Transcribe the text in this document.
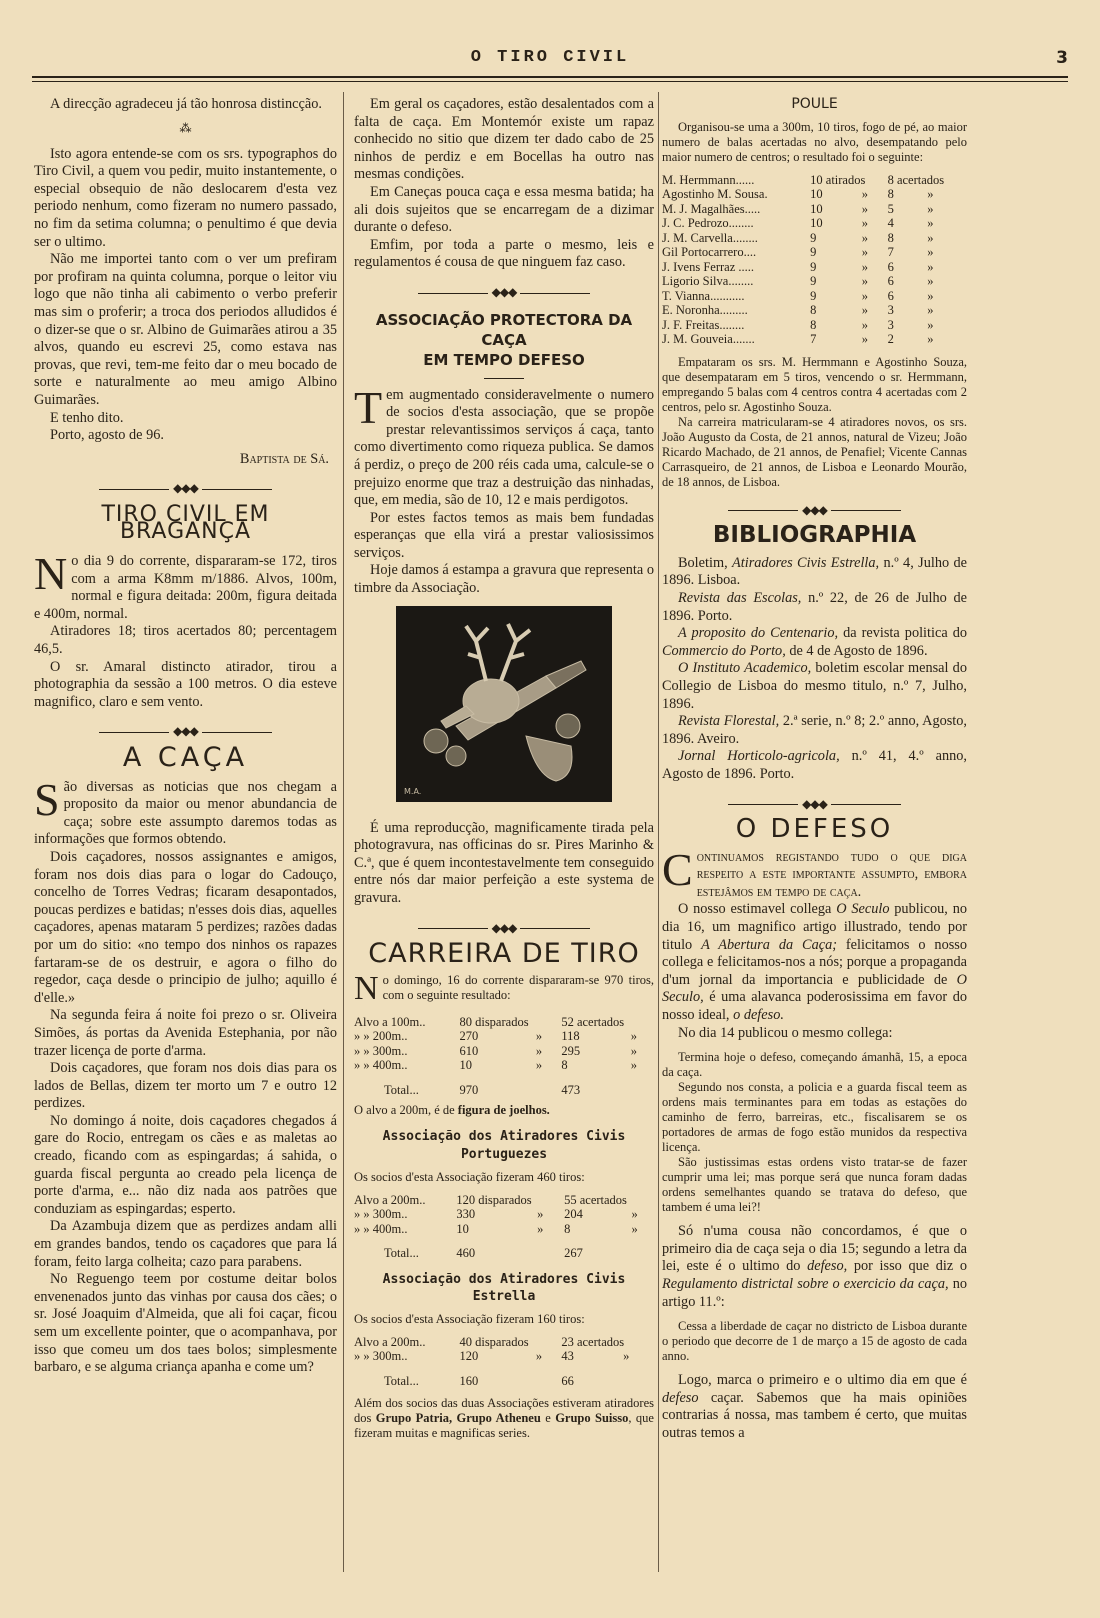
O TIRO CIVIL	3

A direcção agradeceu já tão honrosa distincção.

⁂

Isto agora entende-se com os srs. typographos do Tiro Civil, a quem vou pedir, muito instantemente, o especial obsequio de não deslocarem d'esta vez periodo nenhum, como fizeram no numero passado, no fim da setima columna; o penultimo é que devia ser o ultimo.

Não me importei tanto com o ver um prefiram por profiram na quinta columna, porque o leitor viu logo que não tinha ali cabimento o verbo preferir mas sim o proferir; a troca dos periodos alludidos é o dizer-se que o sr. Albino de Guimarães atirou a 35 alvos, quando eu escrevi 25, como estava nas provas, que revi, tem-me feito dar o meu bocado de sorte e naturalmente ao meu amigo Albino Guimarães.

E tenho dito.

Porto, agosto de 96.

Baptista de Sá.
◆◆◆
TIRO CIVIL EM BRAGANÇA

No dia 9 do corrente, dispararam-se 172, tiros com a arma K8mm m/1886. Alvos, 100m, normal e figura deitada: 200m, figura deitada e 400m, normal.

Atiradores 18; tiros acertados 80; percentagem 46,5.

O sr. Amaral distincto atirador, tirou a photographia da sessão a 100 metros. O dia esteve magnifico, claro e sem vento.

◆◆◆
A CAÇA

São diversas as noticias que nos chegam a proposito da maior ou menor abundancia de caça; sobre este assumpto daremos todas as informações que formos obtendo.

Dois caçadores, nossos assignantes e amigos, foram nos dois dias para o logar do Cadouço, concelho de Torres Vedras; ficaram desapontados, poucas perdizes e batidas; n'esses dois dias, aquelles caçadores, apenas mataram 5 perdizes; razões dadas por um do sitio: «no tempo dos ninhos os rapazes fartaram-se de os destruir, e agora o filho do regedor, caça desde o principio de julho; aquillo é d'elle.»

Na segunda feira á noite foi prezo o sr. Oliveira Simões, ás portas da Avenida Estephania, por não trazer licença de porte d'arma.

Dois caçadores, que foram nos dois dias para os lados de Bellas, dizem ter morto um 7 e outro 12 perdizes.

No domingo á noite, dois caçadores chegados á gare do Rocio, entregam os cães e as maletas ao creado, ficando com as espingardas; á sahida, o guarda fiscal pergunta ao creado pela licença de porte d'arma, e... não diz nada aos patrões que conduziam as espingardas; esperto.

Da Azambuja dizem que as perdizes andam alli em grandes bandos, tendo os caçadores que para lá foram, feito larga colheita; cazo para parabens.

No Reguengo teem por costume deitar bolos envenenados junto das vinhas por causa dos cães; o sr. José Joaquim d'Almeida, que ali foi caçar, ficou sem um excellente pointer, que o acompanhava, por isso que comeu um dos taes bolos; simplesmente barbaro, e se alguma criança apanha e come um?

Em geral os caçadores, estão desalentados com a falta de caça. Em Montemór existe um rapaz conhecido no sitio que dizem ter dado cabo de 25 ninhos de perdiz e em Bocellas ha outro nas mesmas condições.

Em Caneças pouca caça e essa mesma batida; ha ali dois sujeitos que se encarregam de a dizimar durante o defeso.

Emfim, por toda a parte o mesmo, leis e regulamentos é cousa de que ninguem faz caso.

◆◆◆
ASSOCIAÇÃO PROTECTORA DA CAÇA
EM TEMPO DEFESO

Tem augmentado consideravelmente o numero de socios d'esta associação, que se propõe prestar relevantissimos serviços á caça, tanto como divertimento como riqueza publica. Se damos á perdiz, o preço de 200 réis cada uma, calcule-se o prejuizo enorme que traz a destruição das ninhadas, que, em media, são de 10, 12 e mais perdigotos.

Por estes factos temos as mais bem fundadas esperanças que ella virá a prestar valiosissimos serviços.

Hoje damos á estampa a gravura que representa o timbre da Associação.

M.A.

É uma reproducção, magnificamente tirada pela photogravura, nas officinas do sr. Pires Marinho & C.ª, que é quem incontestavelmente tem conseguido entre nós dar maior perfeição a este systema de gravura.

◆◆◆
CARREIRA DE TIRO

No domingo, 16 do corrente dispararam-se 970 tiros, com o seguinte resultado:

Alvo a 100m..	80 disparados		52 acertados	
» » 200m..	270	»	118	»
» » 300m..	610	»	295	»
» » 400m..	10	»	8	»
Total...	970		473	

O alvo a 200m, é de figura de joelhos.

Associação dos Atiradores Civis Portuguezes

Os socios d'esta Associação fizeram 460 tiros:

Alvo a 200m..	120 disparados		55 acertados	
» » 300m..	330	»	204	»
» » 400m..	10	»	8	»
Total...	460		267	
Associação dos Atiradores Civis Estrella

Os socios d'esta Associação fizeram 160 tiros:

Alvo a 200m..	40 disparados		23 acertados	
» » 300m..	120	»	43	»
Total...	160		66	

Além dos socios das duas Associações estiveram atiradores dos Grupo Patria, Grupo Atheneu e Grupo Suisso, que fizeram muitas e magnificas series.

POULE

Organisou-se uma a 300m, 10 tiros, fogo de pé, ao maior numero de balas acertadas no alvo, desempatando pelo maior numero de centros; o resultado foi o seguinte:

M. Hermmann......	10 atirados		8 acertados	
Agostinho M. Sousa.	10	»	8	»
M. J. Magalhães.....	10	»	5	»
J. C. Pedrozo........	10	»	4	»
J. M. Carvella........	9	»	8	»
Gil Portocarrero....	9	»	7	»
J. Ivens Ferraz .....	9	»	6	»
Ligorio Silva........	9	»	6	»
T. Vianna...........	9	»	6	»
E. Noronha.........	8	»	3	»
J. F. Freitas........	8	»	3	»
J. M. Gouveia.......	7	»	2	»

Empataram os srs. M. Hermmann e Agostinho Souza, que desempataram em 5 tiros, vencendo o sr. Hermmann, empregando 5 balas com 4 centros contra 4 acertadas com 2 centros, pelo sr. Agostinho Souza.

Na carreira matricularam-se 4 atiradores novos, os srs. João Augusto da Costa, de 21 annos, natural de Vizeu; João Ricardo Machado, de 21 annos, de Penafiel; Vicente Cannas Carrasqueiro, de 21 annos, de Lisboa e Leonardo Mourão, de 18 annos, de Lisboa.

◆◆◆
BIBLIOGRAPHIA

Boletim, Atiradores Civis Estrella, n.º 4, Julho de 1896. Lisboa.

Revista das Escolas, n.º 22, de 26 de Julho de 1896. Porto.

A proposito do Centenario, da revista politica do Commercio do Porto, de 4 de Agosto de 1896.

O Instituto Academico, boletim escolar mensal do Collegio de Lisboa do mesmo titulo, n.º 7, Julho, 1896.

Revista Florestal, 2.ª serie, n.º 8; 2.º anno, Agosto, 1896. Aveiro.

Jornal Horticolo-agricola, n.º 41, 4.º anno, Agosto de 1896. Porto.

◆◆◆
O DEFESO

Continuamos registando tudo o que diga respeito a este importante assumpto, embora estejâmos em tempo de caça.

O nosso estimavel collega O Seculo publicou, no dia 16, um magnifico artigo illustrado, tendo por titulo A Abertura da Caça; felicitamos o nosso collega e felicitamos-nos a nós; porque a propaganda d'um jornal da importancia e publicidade de O Seculo, é uma alavanca poderosissima em favor do nosso ideal, o defeso.

No dia 14 publicou o mesmo collega:

Termina hoje o defeso, começando ámanhã, 15, a epoca da caça.

Segundo nos consta, a policia e a guarda fiscal teem as ordens mais terminantes para em todas as estações do caminho de ferro, barreiras, etc., fiscalisarem se os portadores de armas de fogo estão munidos da respectiva licença.

São justissimas estas ordens visto tratar-se de fazer cumprir uma lei; mas porque será que nunca foram dadas ordens semelhantes quando se tratava do defeso, que tambem é uma lei?!

Só n'uma cousa não concordamos, é que o primeiro dia de caça seja o dia 15; segundo a letra da lei, este é o ultimo do defeso, por isso que diz o Regulamento districtal sobre o exercicio da caça, no artigo 11.º:

Cessa a liberdade de caçar no districto de Lisboa durante o periodo que decorre de 1 de março a 15 de agosto de cada anno.

Logo, marca o primeiro e o ultimo dia em que é defeso caçar. Sabemos que ha mais opiniões contrarias á nossa, mas tambem é certo, que muitas outras temos a
